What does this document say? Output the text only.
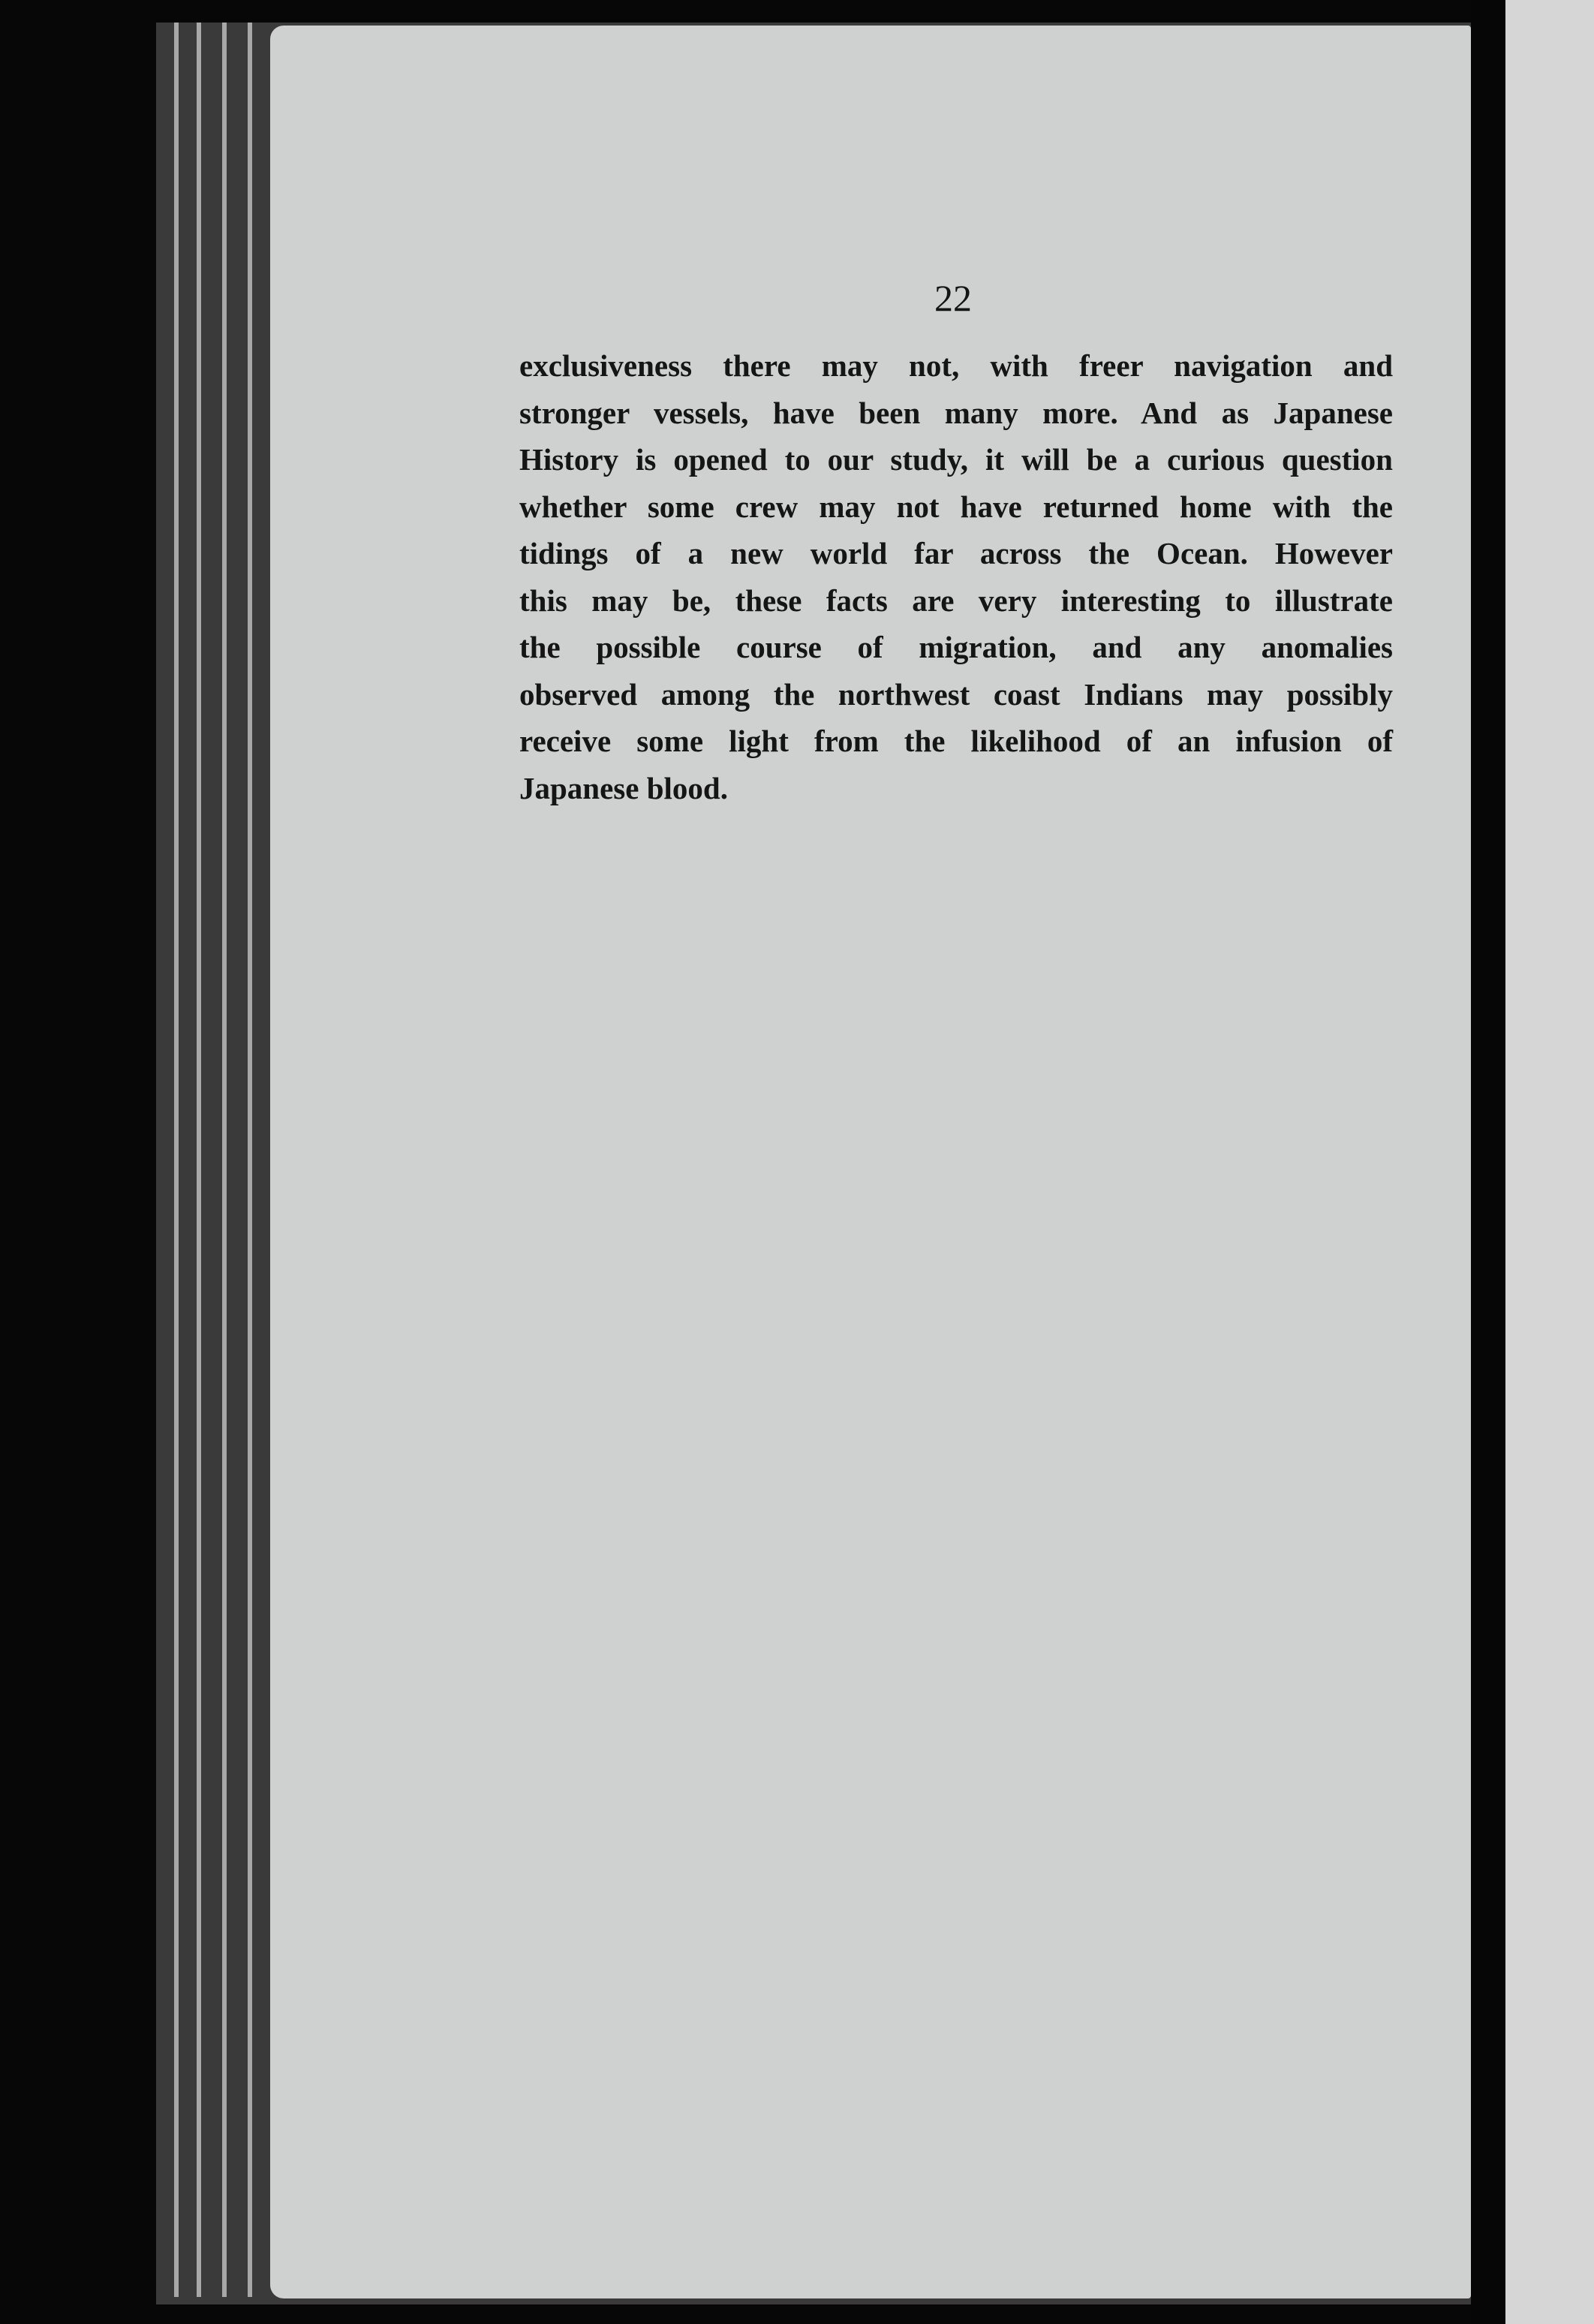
22

exclusiveness there may not, with freer navigation and
stronger vessels, have been many more. And as Japanese
History is opened to our study, it will be a curious question
whether some crew may not have returned home with the
tidings of a new world far across the Ocean. However
this may be, these facts are very interesting to illustrate
the possible course of migration, and any anomalies
observed among the northwest coast Indians may possibly
receive some light from the likelihood of an infusion of
Japanese blood.
